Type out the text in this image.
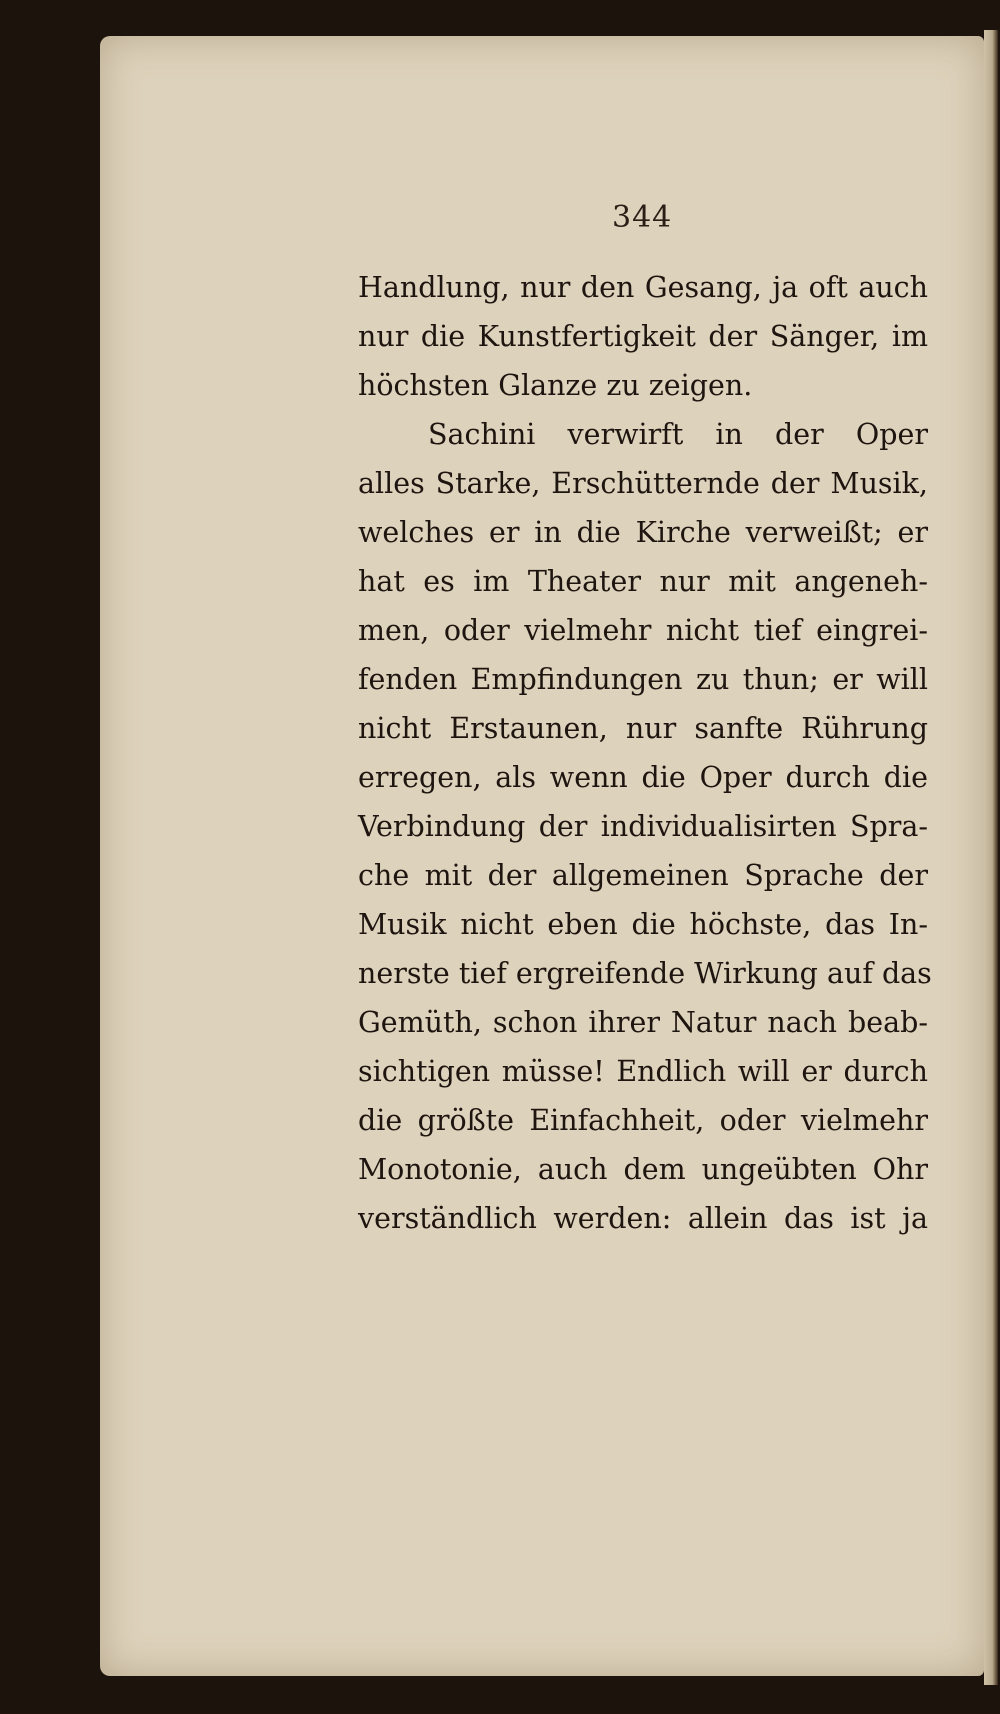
344
Handlung, nur den Gesang, ja oft auch
nur die Kunstfertigkeit der Sänger, im
höchsten Glanze zu zeigen.
Sachini verwirft in der Oper
alles Starke, Erschütternde der Musik,
welches er in die Kirche verweißt; er
hat es im Theater nur mit angeneh-
men, oder vielmehr nicht tief eingrei-
fenden Empfindungen zu thun; er will
nicht Erstaunen, nur sanfte Rührung
erregen, als wenn die Oper durch die
Verbindung der individualisirten Spra-
che mit der allgemeinen Sprache der
Musik nicht eben die höchste, das In-
nerste tief ergreifende Wirkung auf das
Gemüth, schon ihrer Natur nach beab-
sichtigen müsse! Endlich will er durch
die größte Einfachheit, oder vielmehr
Monotonie, auch dem ungeübten Ohr
verständlich werden: allein das ist ja
